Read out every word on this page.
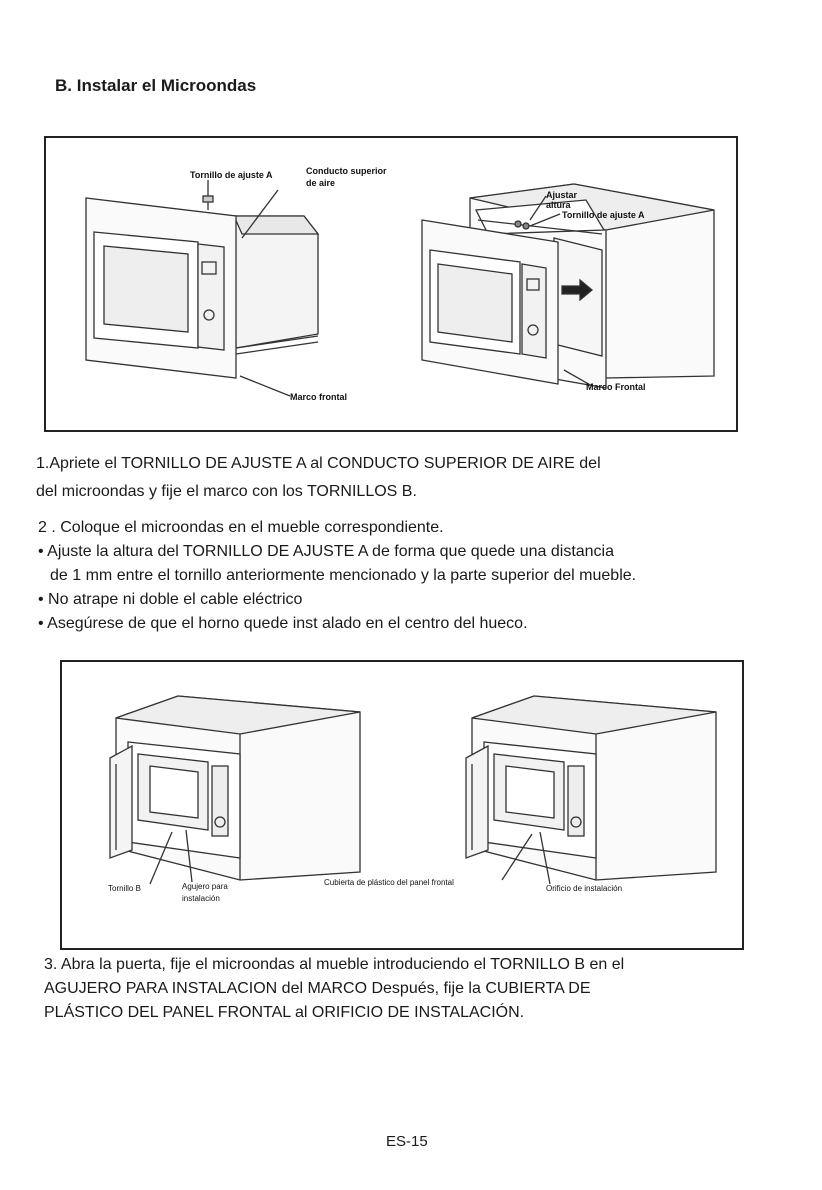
B. Instalar el Microondas
Tornillo de ajuste A	Conducto superior
de aire
Ajustar
altura
Tornillo de ajuste A
Marco frontal
Marco Frontal
1.Apriete el TORNILLO DE AJUSTE A al CONDUCTO SUPERIOR DE AIRE del
del microondas y fije el marco con los TORNILLOS B.
2 . Coloque el microondas en el mueble correspondiente.
• Ajuste la altura del TORNILLO DE AJUSTE A de forma que quede una distancia
de 1 mm entre el tornillo anteriormente mencionado y la parte superior del mueble.
• No atrape ni doble el cable eléctrico
• Asegúrese de que el horno quede inst alado en el centro del hueco.
Tornillo B	Agujero para
instalación
Cubierta de plástico del panel frontal
Orificio de instalación
3. Abra la puerta, fije el microondas al mueble introduciendo el TORNILLO B en el
AGUJERO PARA INSTALACION del MARCO Después, fije la CUBIERTA DE
PLÁSTICO DEL PANEL FRONTAL al ORIFICIO DE INSTALACIÓN.
ES-15
